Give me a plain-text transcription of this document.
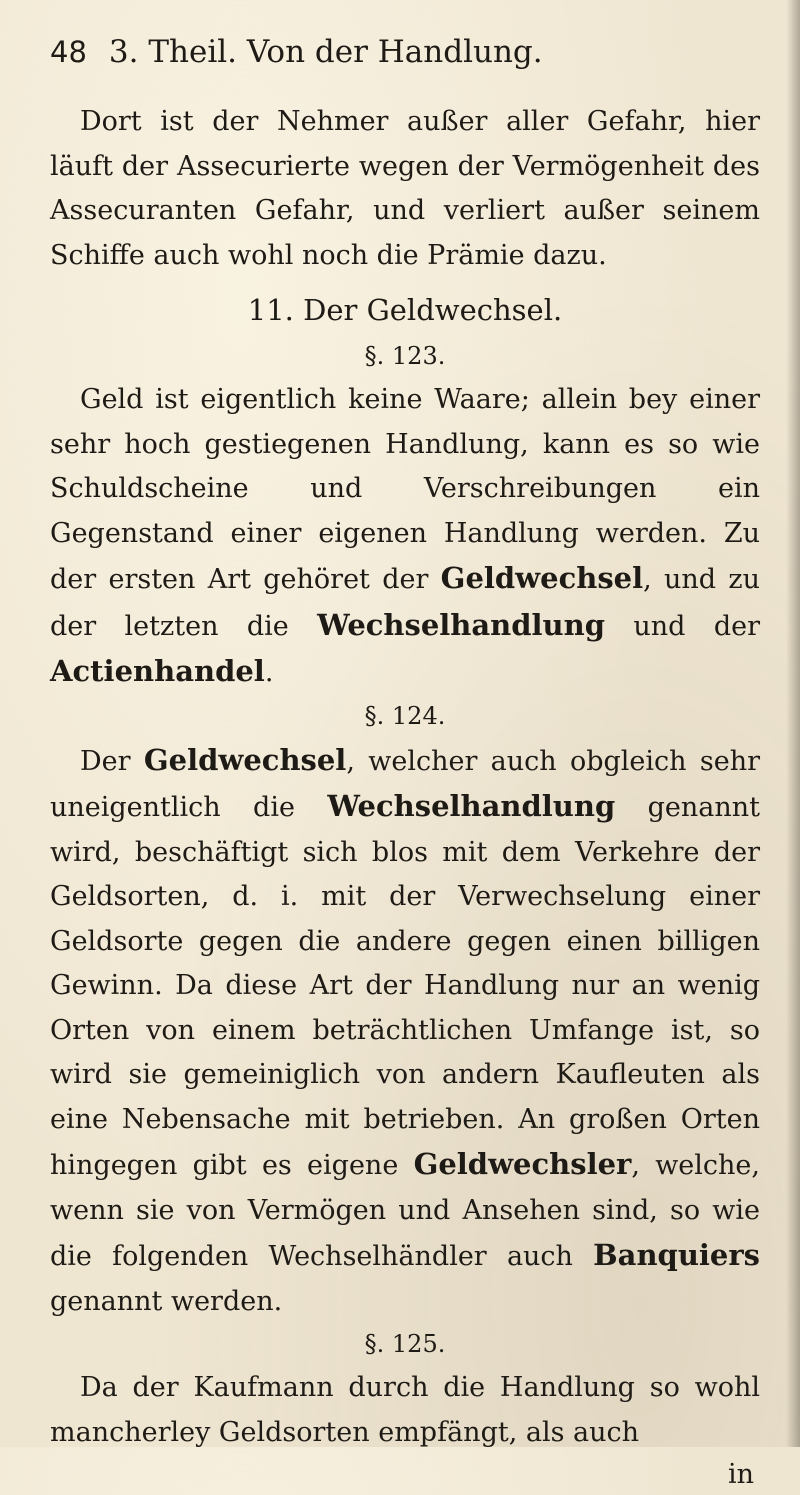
48 3. Theil. Von der Handlung.

Dort ist der Nehmer außer aller Gefahr, hier läuft der Assecurierte wegen der Vermögenheit des Assecuranten Gefahr, und verliert außer seinem Schiffe auch wohl noch die Prämie dazu.

11. Der Geldwechsel.

§. 123.

Geld ist eigentlich keine Waare; allein bey einer sehr hoch gestiegenen Handlung, kann es so wie Schuldscheine und Verschreibungen ein Gegenstand einer eigenen Handlung werden. Zu der ersten Art gehöret der Geldwechsel, und zu der letzten die Wechselhandlung und der Actienhandel.

§. 124.

Der Geldwechsel, welcher auch obgleich sehr uneigentlich die Wechselhandlung genannt wird, beschäftigt sich blos mit dem Verkehre der Geldsorten, d. i. mit der Verwechselung einer Geldsorte gegen die andere gegen einen billigen Gewinn. Da diese Art der Handlung nur an wenig Orten von einem beträchtlichen Umfange ist, so wird sie gemeiniglich von andern Kaufleuten als eine Nebensache mit betrieben. An großen Orten hingegen gibt es eigene Geldwechsler, welche, wenn sie von Vermögen und Ansehen sind, so wie die folgenden Wechselhändler auch Banquiers genannt werden.

§. 125.

Da der Kaufmann durch die Handlung so wohl mancherley Geldsorten empfängt, als auch

in
